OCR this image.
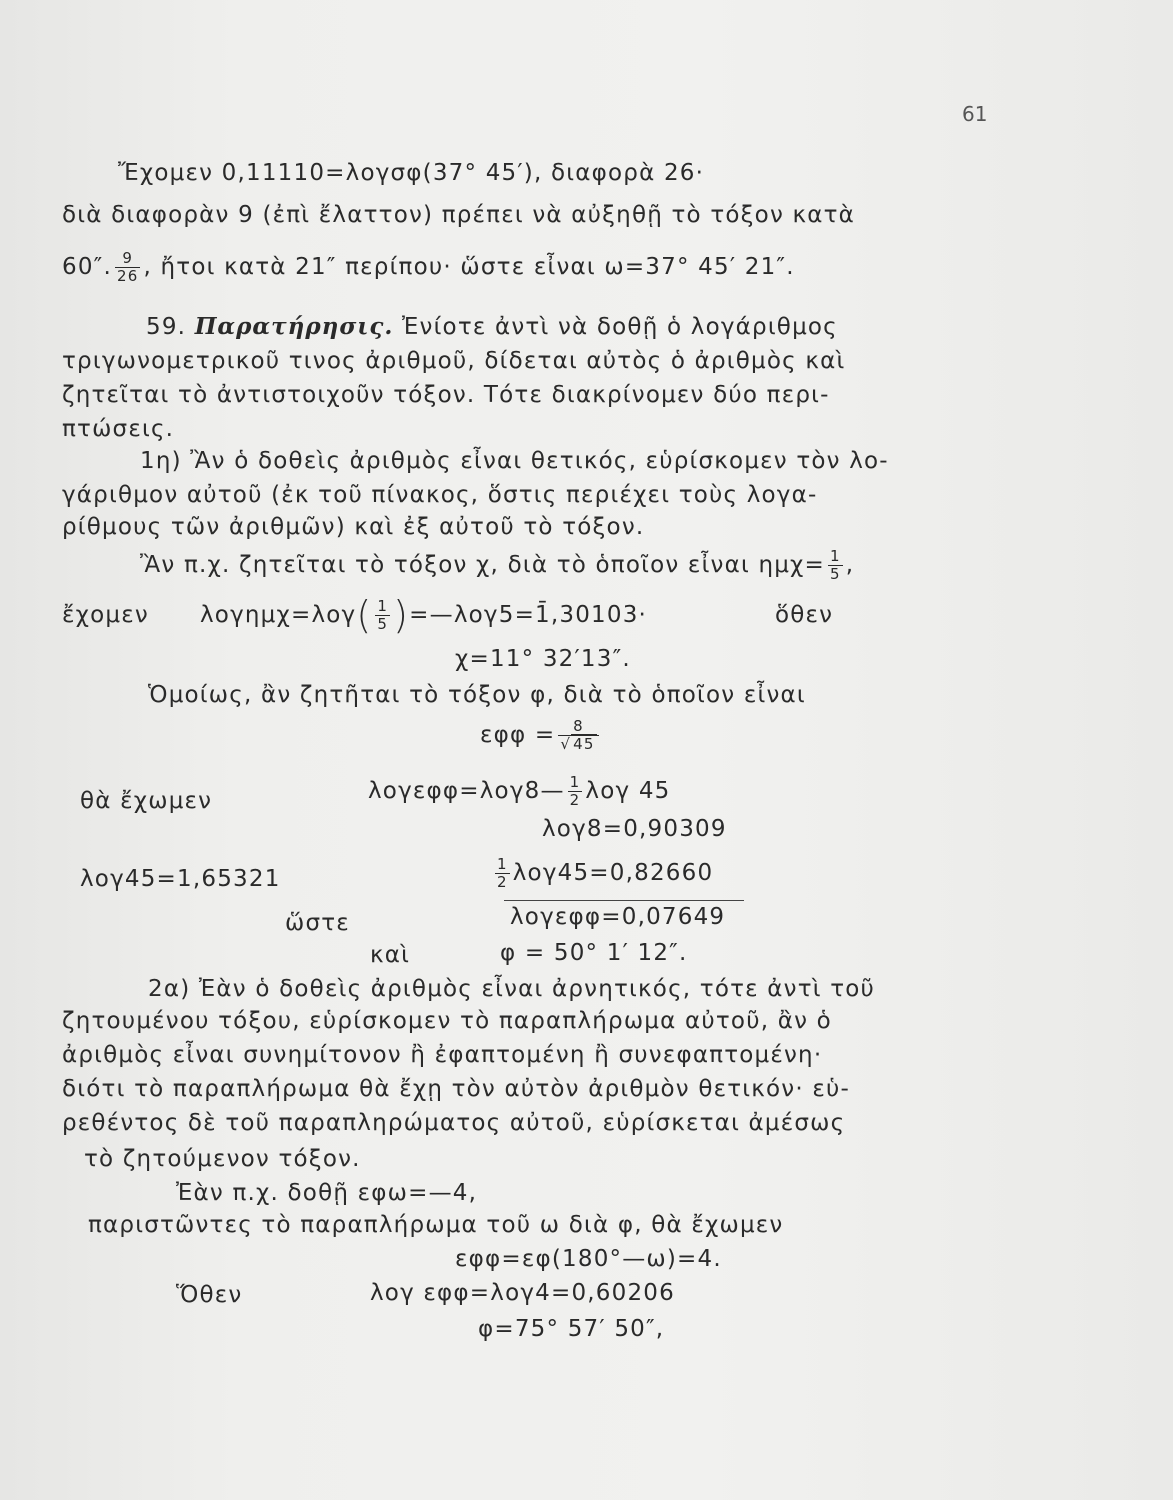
61
Ἔχομεν 0,11110=λογσφ(37° 45′), διαφορὰ 26·
διὰ διαφορὰν 9 (ἐπὶ ἔλαττον) πρέπει νὰ αὐξηθῇ τὸ τόξον κατὰ
60″. $\frac{9}{26}$ , ἤτοι κατὰ 21″ περίπου· ὥστε εἶναι ω=37° 45′ 21″.
59. Παρατήρησις. Ἐνίοτε ἀντὶ νὰ δοθῇ ὁ λογάριθμος
τριγωνομετρικοῦ τινος ἀριθμοῦ, δίδεται αὐτὸς ὁ ἀριθμὸς καὶ
ζητεῖται τὸ ἀντιστοιχοῦν τόξον. Τότε διακρίνομεν δύο περι-
πτώσεις.
1η) Ἂν ὁ δοθεὶς ἀριθμὸς εἶναι θετικός, εὑρίσκομεν τὸν λο-
γάριθμον αὐτοῦ (ἐκ τοῦ πίνακος, ὅστις περιέχει τοὺς λογα-
ρίθμους τῶν ἀριθμῶν) καὶ ἐξ αὐτοῦ τὸ τόξον.
Ἂν π.χ. ζητεῖται τὸ τόξον χ, διὰ τὸ ὁποῖον εἶναι $\eta\mu\chi= \frac{1}{5}$ ,
ἔχομεν $\lambda o\gamma\eta\mu\chi=\lambda o\gamma( \frac{1}{5}$ )=—λογ5=1̄,30103·	ὅθεν
χ=11° 32′13″.
Ὁμοίως, ἂν ζητῆται τὸ τόξον φ, διὰ τὸ ὁποῖον εἶναι
$\varepsilon\varphi\varphi = \frac{8}{√ 45}$
θὰ ἔχωμεν	λογεφφ=λογ8— $\frac{1}{2}$ λογ 45
λογ8=0,90309
λογ45=1,65321	$\frac{1}{2} \lambda o\gamma 45=0,82660$
ὥστε	λογεφφ=0,07649
καὶ	φ = 50° 1′ 12″.
2α) Ἐὰν ὁ δοθεὶς ἀριθμὸς εἶναι ἀρνητικός, τότε ἀντὶ τοῦ
ζητουμένου τόξου, εὑρίσκομεν τὸ παραπλήρωμα αὐτοῦ, ἂν ὁ
ἀριθμὸς εἶναι συνημίτονον ἢ ἐφαπτομένη ἢ συνεφαπτομένη·
διότι τὸ παραπλήρωμα θὰ ἔχῃ τὸν αὐτὸν ἀριθμὸν θετικόν· εὑ-
ρεθέντος δὲ τοῦ παραπληρώματος αὐτοῦ, εὑρίσκεται ἀμέσως
τὸ ζητούμενον τόξον.
Ἐὰν π.χ. δοθῇ εφω=—4,
παριστῶντες τὸ παραπλήρωμα τοῦ ω διὰ φ, θὰ ἔχωμεν
εφφ=εφ(180°—ω)=4.
Ὅθεν	λογ εφφ=λογ4=0,60206
φ=75° 57′ 50″,
